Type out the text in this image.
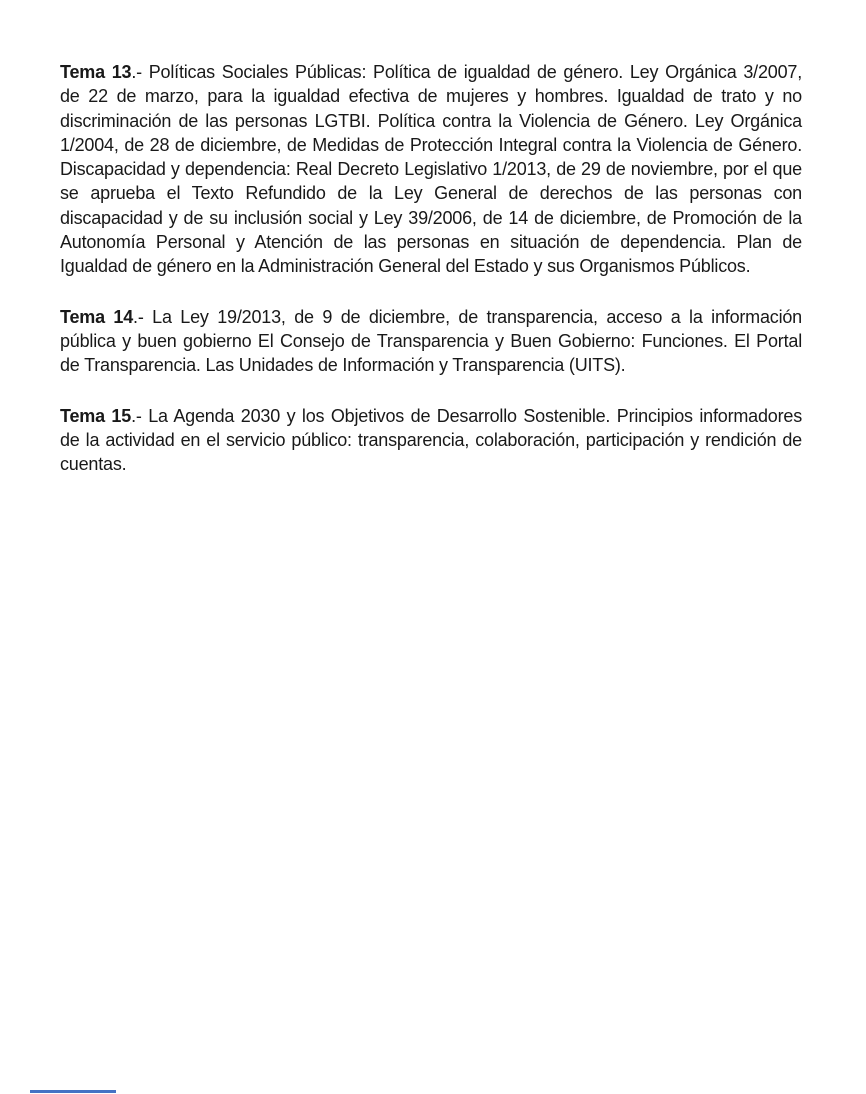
Tema 13.- Políticas Sociales Públicas: Política de igualdad de género. Ley Orgánica 3/2007, de 22 de marzo, para la igualdad efectiva de mujeres y hombres. Igualdad de trato y no discriminación de las personas LGTBI. Política contra la Violencia de Género. Ley Orgánica 1/2004, de 28 de diciembre, de Medidas de Protección Integral contra la Violencia de Género. Discapacidad y dependencia: Real Decreto Legislativo 1/2013, de 29 de noviembre, por el que se aprueba el Texto Refundido de la Ley General de derechos de las personas con discapacidad y de su inclusión social y Ley 39/2006, de 14 de diciembre, de Promoción de la Autonomía Personal y Atención de las personas en situación de dependencia. Plan de Igualdad de género en la Administración General del Estado y sus Organismos Públicos.

Tema 14.- La Ley 19/2013, de 9 de diciembre, de transparencia, acceso a la información pública y buen gobierno El Consejo de Transparencia y Buen Gobierno: Funciones. El Portal de Transparencia. Las Unidades de Información y Transparencia (UITS).

Tema 15.- La Agenda 2030 y los Objetivos de Desarrollo Sostenible. Principios informadores de la actividad en el servicio público: transparencia, colaboración, participación y rendición de cuentas.
